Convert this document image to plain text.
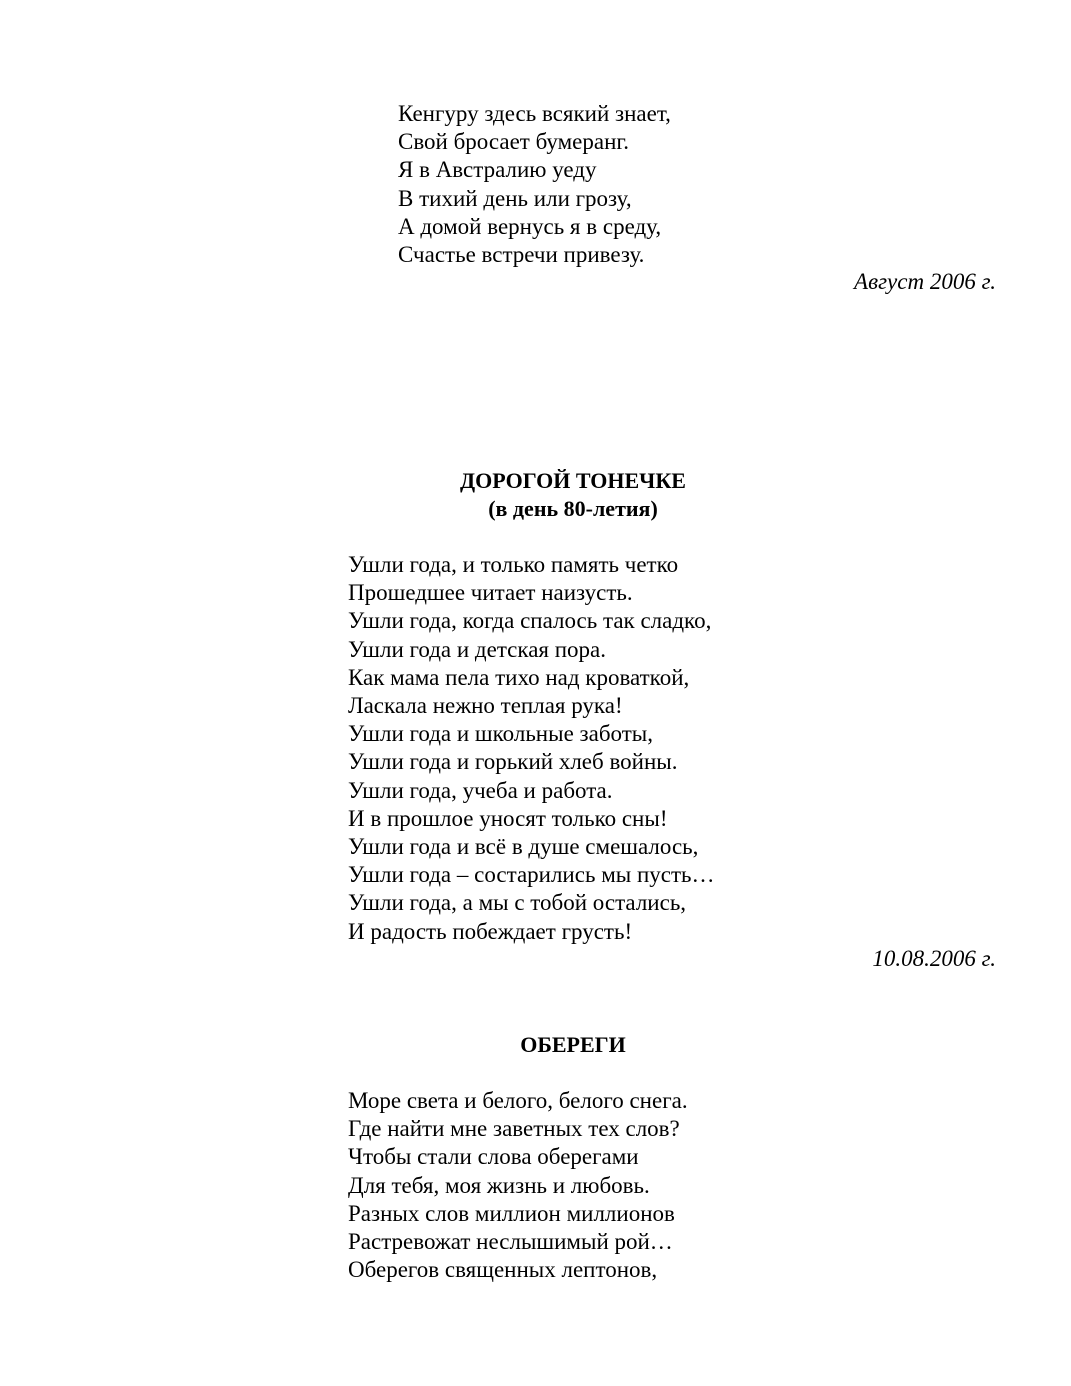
Кенгуру здесь всякий знает,
Свой бросает бумеранг.
Я в Австралию уеду
В тихий день или грозу,
А домой вернусь я в среду,
Счастье встречи привезу.
Август 2006 г.
ДОРОГОЙ ТОНЕЧКЕ
(в день 80-летия)
Ушли года, и только память четко
Прошедшее читает наизусть.
Ушли года, когда спалось так сладко,
Ушли года и детская пора.
Как мама пела тихо над кроваткой,
Ласкала нежно теплая рука!
Ушли года и школьные заботы,
Ушли года и горький хлеб войны.
Ушли года, учеба и работа.
И в прошлое уносят только сны!
Ушли года и всё в душе смешалось,
Ушли года – состарились мы пусть…
Ушли года, а мы с тобой остались,
И радость побеждает грусть!
10.08.2006 г.
ОБЕРЕГИ
Море света и белого, белого снега.
Где найти мне заветных тех слов?
Чтобы стали слова оберегами
Для тебя, моя жизнь и любовь.
Разных слов миллион миллионов
Растревожат неслышимый рой…
Оберегов священных лептонов,
